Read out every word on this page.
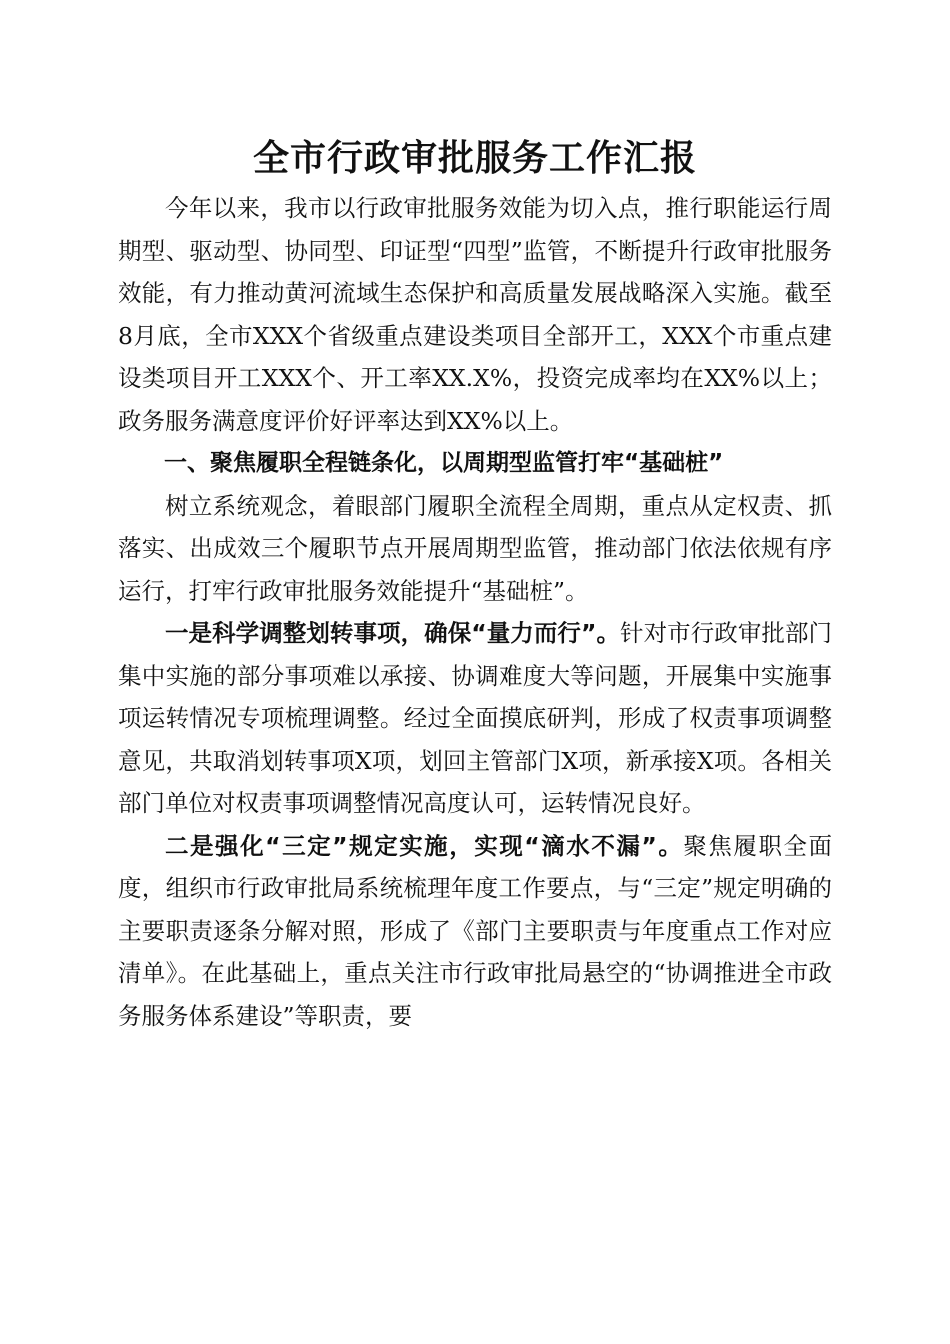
全市行政审批服务工作汇报

今年以来，我市以行政审批服务效能为切入点，推行职能运行周期型、驱动型、协同型、印证型“四型”监管，不断提升行政审批服务效能，有力推动黄河流域生态保护和高质量发展战略深入实施。截至8月底，全市XXX个省级重点建设类项目全部开工，XXX个市重点建设类项目开工XXX个、开工率XX.X%，投资完成率均在XX%以上；政务服务满意度评价好评率达到XX%以上。

一、聚焦履职全程链条化，以周期型监管打牢“基础桩”

树立系统观念，着眼部门履职全流程全周期，重点从定权责、抓落实、出成效三个履职节点开展周期型监管，推动部门依法依规有序运行，打牢行政审批服务效能提升“基础桩”。

一是科学调整划转事项，确保“量力而行”。针对市行政审批部门集中实施的部分事项难以承接、协调难度大等问题，开展集中实施事项运转情况专项梳理调整。经过全面摸底研判，形成了权责事项调整意见，共取消划转事项X项，划回主管部门X项，新承接X项。各相关部门单位对权责事项调整情况高度认可，运转情况良好。

二是强化“三定”规定实施，实现“滴水不漏”。聚焦履职全面度，组织市行政审批局系统梳理年度工作要点，与“三定”规定明确的主要职责逐条分解对照，形成了《部门主要职责与年度重点工作对应清单》。在此基础上，重点关注市行政审批局悬空的“协调推进全市政务服务体系建设”等职责，要
